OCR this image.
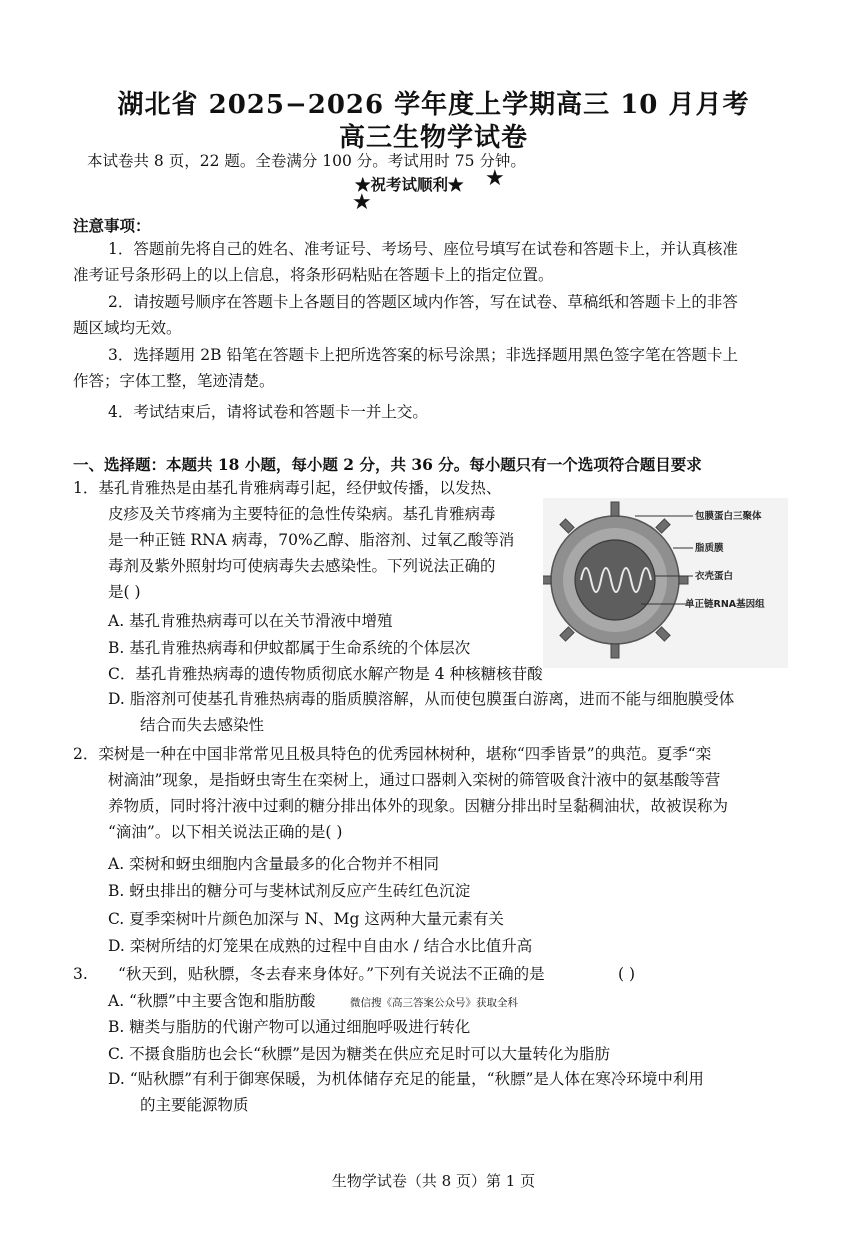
湖北省 2025−2026 学年度上学期高三 10 月月考
高三生物学试卷
本试卷共 8 页，22 题。全卷满分 100 分。考试用时 75 分钟。
★祝考试顺利★ ★
★
注意事项：
1．答题前先将自己的姓名、准考证号、考场号、座位号填写在试卷和答题卡上，并认真核准
准考证号条形码上的以上信息，将条形码粘贴在答题卡上的指定位置。
2．请按题号顺序在答题卡上各题目的答题区域内作答，写在试卷、草稿纸和答题卡上的非答
题区域均无效。
3．选择题用 2B 铅笔在答题卡上把所选答案的标号涂黑；非选择题用黑色签字笔在答题卡上
作答；字体工整，笔迹清楚。
4．考试结束后，请将试卷和答题卡一并上交。
一、选择题：本题共 18 小题，每小题 2 分，共 36 分。每小题只有一个选项符合题目要求
1．基孔肯雅热是由基孔肯雅病毒引起，经伊蚊传播，以发热、
皮疹及关节疼痛为主要特征的急性传染病。基孔肯雅病毒
是一种正链 RNA 病毒，70%乙醇、脂溶剂、过氧乙酸等消
毒剂及紫外照射均可使病毒失去感染性。下列说法正确的
是( )
包膜蛋白三聚体
脂质膜
衣壳蛋白
单正链RNA基因组
A. 基孔肯雅热病毒可以在关节滑液中增殖
B. 基孔肯雅热病毒和伊蚊都属于生命系统的个体层次
C．基孔肯雅热病毒的遗传物质彻底水解产物是 4 种核糖核苷酸
D. 脂溶剂可使基孔肯雅热病毒的脂质膜溶解，从而使包膜蛋白游离，进而不能与细胞膜受体
结合而失去感染性
2．栾树是一种在中国非常常见且极具特色的优秀园林树种，堪称“四季皆景”的典范。夏季“栾
树滴油”现象，是指蚜虫寄生在栾树上，通过口器刺入栾树的筛管吸食汁液中的氨基酸等营
养物质，同时将汁液中过剩的糖分排出体外的现象。因糖分排出时呈黏稠油状，故被误称为
“滴油”。以下相关说法正确的是( )
A. 栾树和蚜虫细胞内含量最多的化合物并不相同
B. 蚜虫排出的糖分可与斐林试剂反应产生砖红色沉淀
C. 夏季栾树叶片颜色加深与 N、Mg 这两种大量元素有关
D. 栾树所结的灯笼果在成熟的过程中自由水 / 结合水比值升高
3. “秋天到，贴秋膘，冬去春来身体好。”下列有关说法不正确的是	( )
A. “秋膘”中主要含饱和脂肪酸	微信搜《高三答案公众号》获取全科
B. 糖类与脂肪的代谢产物可以通过细胞呼吸进行转化
C. 不摄食脂肪也会长“秋膘”是因为糖类在供应充足时可以大量转化为脂肪
D. “贴秋膘”有利于御寒保暖，为机体储存充足的能量，“秋膘”是人体在寒冷环境中利用
的主要能源物质
生物学试卷（共 8 页）第 1 页
